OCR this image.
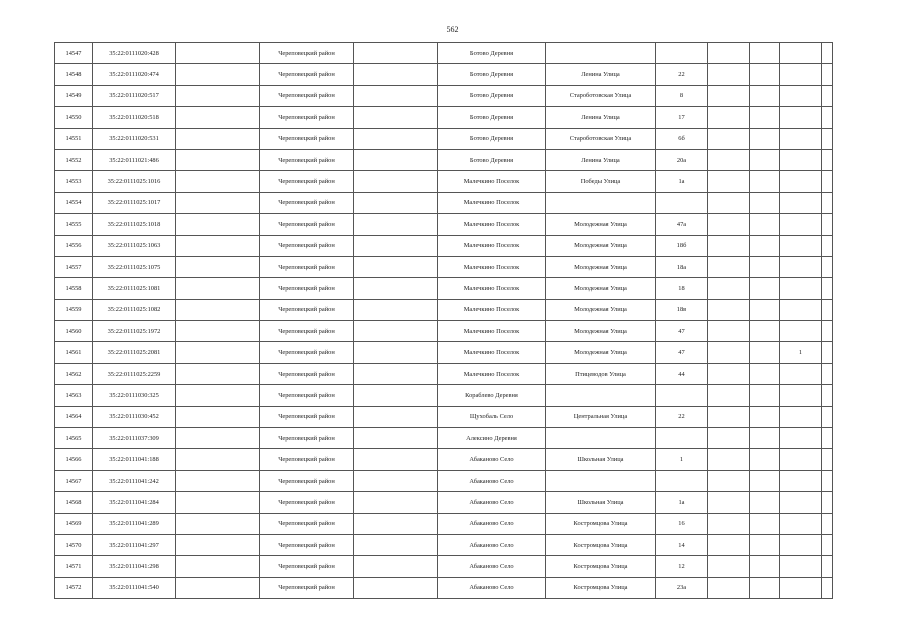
562
14547	35:22:0111020:428		Череповецкий район		Ботово Деревня						
14548	35:22:0111020:474		Череповецкий район		Ботово Деревня	Ленина Улица	22				
14549	35:22:0111020:517		Череповецкий район		Ботово Деревня	Староботовская Улица	8				
14550	35:22:0111020:518		Череповецкий район		Ботово Деревня	Ленина Улица	17				
14551	35:22:0111020:531		Череповецкий район		Ботово Деревня	Староботовская Улица	6б				
14552	35:22:0111021:486		Череповецкий район		Ботово Деревня	Ленина Улица	20а				
14553	35:22:0111025:1016		Череповецкий район		Малечкино Поселок	Победы Улица	1а				
14554	35:22:0111025:1017		Череповецкий район		Малечкино Поселок						
14555	35:22:0111025:1018		Череповецкий район		Малечкино Поселок	Молодежная Улица	47а				
14556	35:22:0111025:1063		Череповецкий район		Малечкино Поселок	Молодежная Улица	18б				
14557	35:22:0111025:1075		Череповецкий район		Малечкино Поселок	Молодежная Улица	18а				
14558	35:22:0111025:1081		Череповецкий район		Малечкино Поселок	Молодежная Улица	18				
14559	35:22:0111025:1082		Череповецкий район		Малечкино Поселок	Молодежная Улица	18в				
14560	35:22:0111025:1972		Череповецкий район		Малечкино Поселок	Молодежная Улица	47				
14561	35:22:0111025:2081		Череповецкий район		Малечкино Поселок	Молодежная Улица	47			1	
14562	35:22:0111025:2259		Череповецкий район		Малечкино Поселок	Птицеводов Улица	44				
14563	35:22:0111030:325		Череповецкий район		Кораблево Деревня						
14564	35:22:0111030:452		Череповецкий район		Щухобаль Село	Центральная Улица	22				
14565	35:22:0111037:309		Череповецкий район		Алексино Деревня						
14566	35:22:0111041:188		Череповецкий район		Абаканово Село	Школьная Улица	1				
14567	35:22:0111041:242		Череповецкий район		Абаканово Село						
14568	35:22:0111041:284		Череповецкий район		Абаканово Село	Школьная Улица	1а				
14569	35:22:0111041:289		Череповецкий район		Абаканово Село	Костромцова Улица	16				
14570	35:22:0111041:297		Череповецкий район		Абаканово Село	Костромцова Улица	14				
14571	35:22:0111041:298		Череповецкий район		Абаканово Село	Костромцова Улица	12				
14572	35:22:0111041:540		Череповецкий район		Абаканово Село	Костромцова Улица	23а				
